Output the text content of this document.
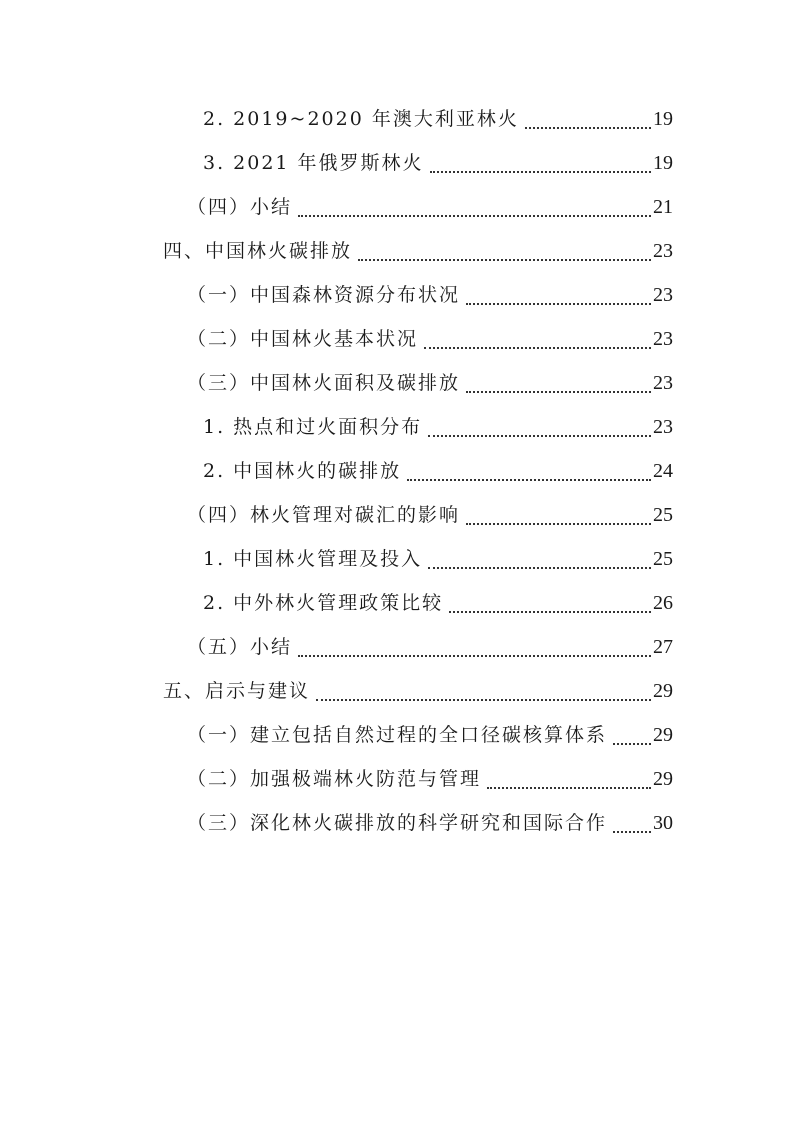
2. 2019~2020 年澳大利亚林火	19
3. 2021 年俄罗斯林火	19
（四）小结	21
四、中国林火碳排放	23
（一）中国森林资源分布状况	23
（二）中国林火基本状况	23
（三）中国林火面积及碳排放	23
1. 热点和过火面积分布	23
2. 中国林火的碳排放	24
（四）林火管理对碳汇的影响	25
1. 中国林火管理及投入	25
2. 中外林火管理政策比较	26
（五）小结	27
五、启示与建议	29
（一）建立包括自然过程的全口径碳核算体系 29
（二）加强极端林火防范与管理	29
（三）深化林火碳排放的科学研究和国际合作 30
